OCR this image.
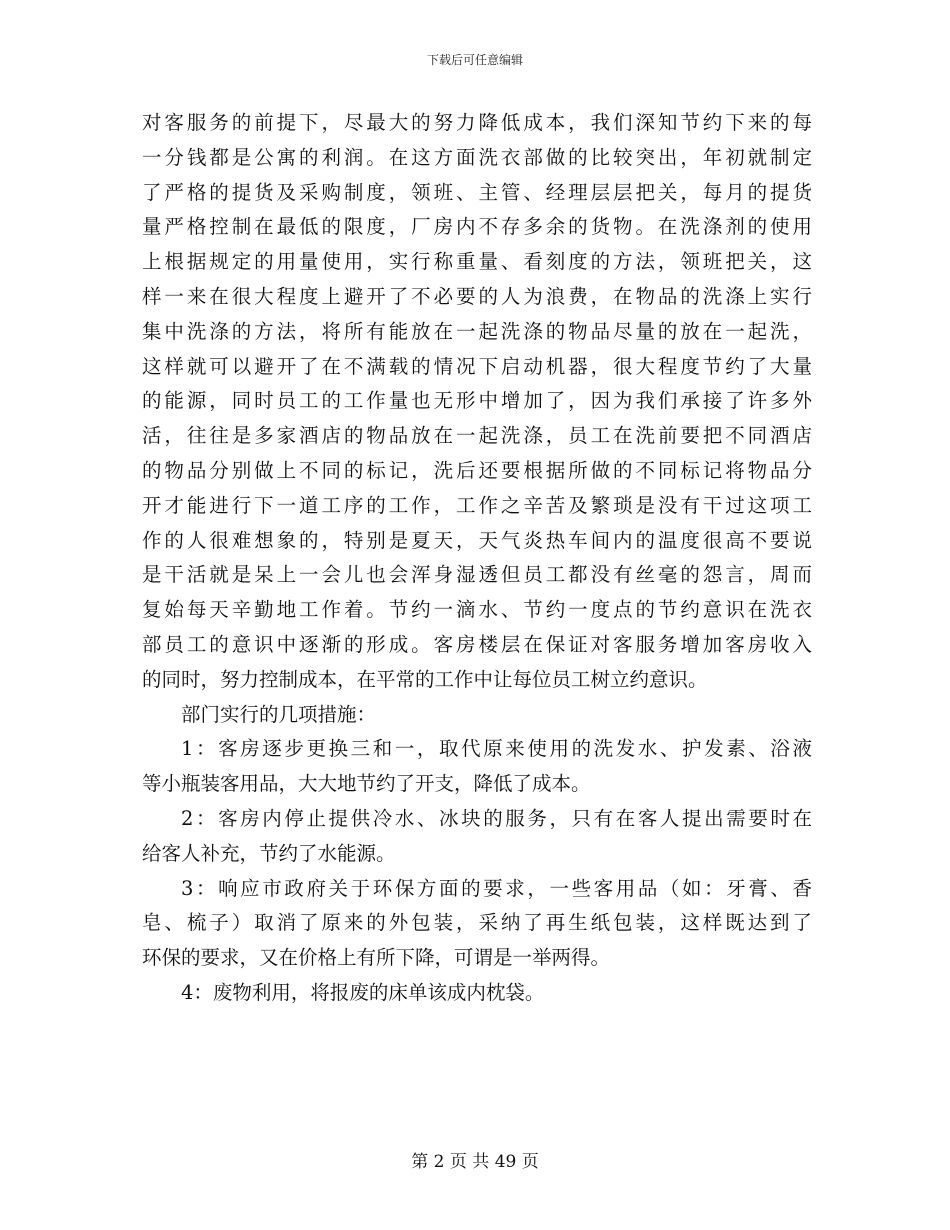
下载后可任意编辑
对客服务的前提下，尽最大的努力降低成本，我们深知节约下来的每
一分钱都是公寓的利润。在这方面洗衣部做的比较突出，年初就制定
了严格的提货及采购制度，领班、主管、经理层层把关，每月的提货
量严格控制在最低的限度，厂房内不存多余的货物。在洗涤剂的使用
上根据规定的用量使用，实行称重量、看刻度的方法，领班把关，这
样一来在很大程度上避开了不必要的人为浪费，在物品的洗涤上实行
集中洗涤的方法，将所有能放在一起洗涤的物品尽量的放在一起洗，
这样就可以避开了在不满载的情况下启动机器，很大程度节约了大量
的能源，同时员工的工作量也无形中增加了，因为我们承接了许多外
活，往往是多家酒店的物品放在一起洗涤，员工在洗前要把不同酒店
的物品分别做上不同的标记，洗后还要根据所做的不同标记将物品分
开才能进行下一道工序的工作，工作之辛苦及繁琐是没有干过这项工
作的人很难想象的，特别是夏天，天气炎热车间内的温度很高不要说
是干活就是呆上一会儿也会浑身湿透但员工都没有丝毫的怨言，周而
复始每天辛勤地工作着。节约一滴水、节约一度点的节约意识在洗衣
部员工的意识中逐渐的形成。客房楼层在保证对客服务增加客房收入
的同时，努力控制成本，在平常的工作中让每位员工树立约意识。
部门实行的几项措施：
1：客房逐步更换三和一，取代原来使用的洗发水、护发素、浴液
等小瓶装客用品，大大地节约了开支，降低了成本。
2：客房内停止提供冷水、冰块的服务，只有在客人提出需要时在
给客人补充，节约了水能源。
3：响应市政府关于环保方面的要求，一些客用品（如：牙膏、香
皂、梳子）取消了原来的外包装，采纳了再生纸包装，这样既达到了
环保的要求，又在价格上有所下降，可谓是一举两得。
4：废物利用，将报废的床单该成内枕袋。
第 2 页 共 49 页
